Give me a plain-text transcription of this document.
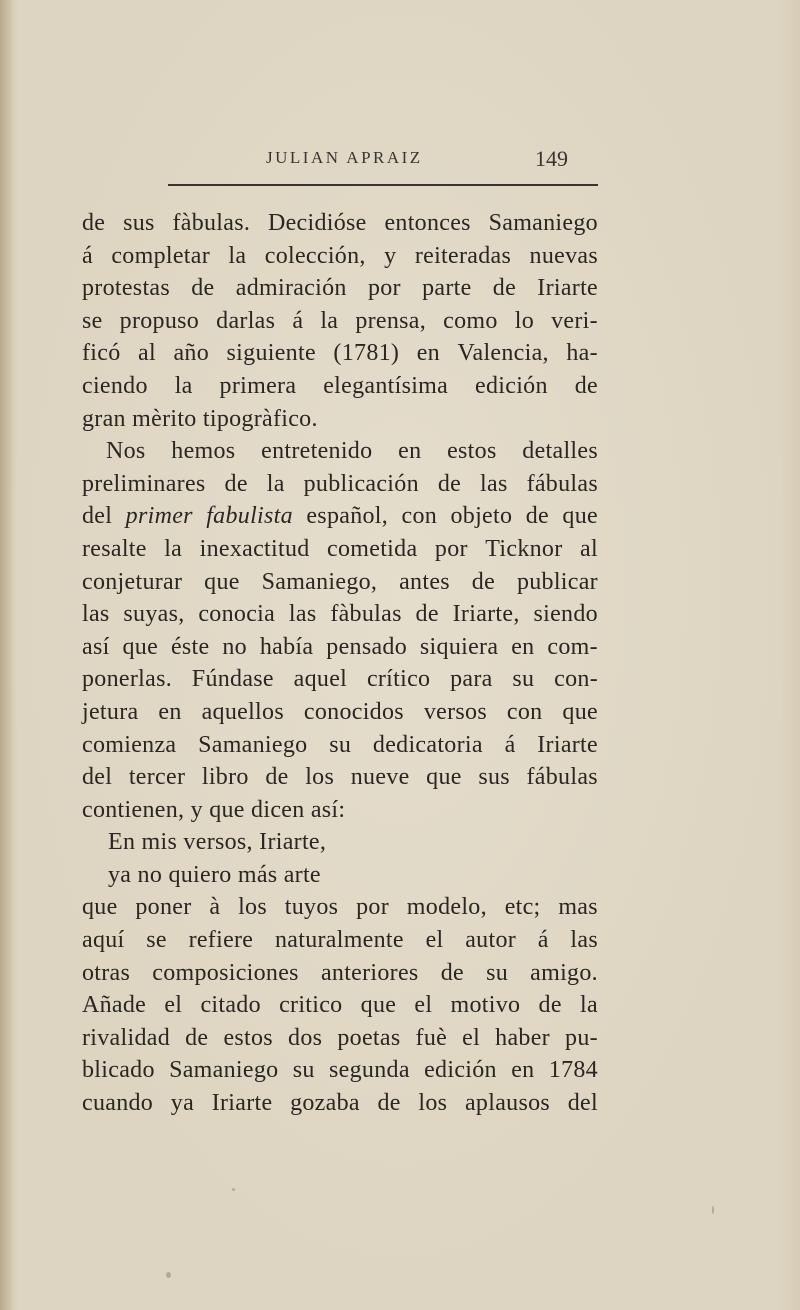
JULIAN APRAIZ	149
de sus fàbulas. Decidióse entonces Samaniego
á completar la colección, y reiteradas nuevas
protestas de admiración por parte de Iriarte
se propuso darlas á la prensa, como lo veri-
ficó al año siguiente (1781) en Valencia, ha-
ciendo la primera elegantísima edición de
gran mèrito tipogràfico.
Nos hemos entretenido en estos detalles
preliminares de la publicación de las fábulas
del primer fabulista español, con objeto de que
resalte la inexactitud cometida por Ticknor al
conjeturar que Samaniego, antes de publicar
las suyas, conocia las fàbulas de Iriarte, siendo
así que éste no había pensado siquiera en com-
ponerlas. Fúndase aquel crítico para su con-
jetura en aquellos conocidos versos con que
comienza Samaniego su dedicatoria á Iriarte
del tercer libro de los nueve que sus fábulas
contienen, y que dicen así:
En mis versos, Iriarte,
ya no quiero más arte
que poner à los tuyos por modelo, etc; mas
aquí se refiere naturalmente el autor á las
otras composiciones anteriores de su amigo.
Añade el citado critico que el motivo de la
rivalidad de estos dos poetas fuè el haber pu-
blicado Samaniego su segunda edición en 1784
cuando ya Iriarte gozaba de los aplausos del
